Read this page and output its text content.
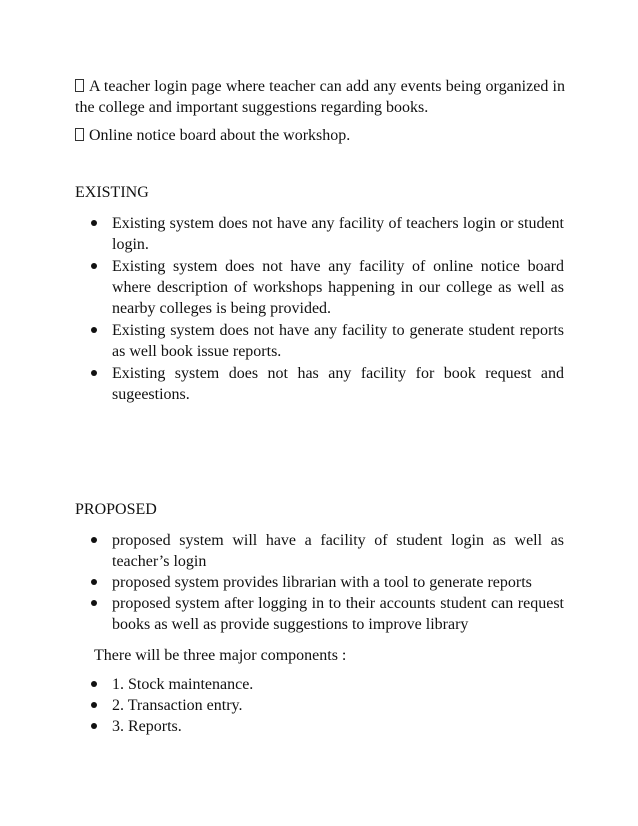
A teacher login page where teacher can add any events being organized in the college and important suggestions regarding books.

Online notice board about the workshop.

EXISTING
Existing system does not have any facility of teachers login or student login.
Existing system does not have any facility of online notice board where description of workshops happening in our college as well as nearby colleges is being provided.
Existing system does not have any facility to generate student reports as well book issue reports.
Existing system does not has any facility for book request and sugeestions.
PROPOSED
proposed system will have a facility of student login as well as teacher’s login
proposed system provides librarian with a tool to generate reports
proposed system after logging in to their accounts student can request books as well as provide suggestions to improve library

There will be three major components :

1. Stock maintenance.
2. Transaction entry.
3. Reports.
